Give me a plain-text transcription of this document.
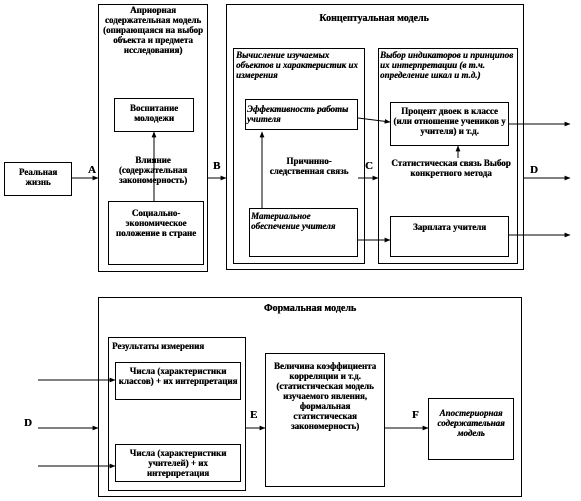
Реальная жизнь
Априорная содержательная модель (опирающаяся на выбор объекта и предмета исследования)
Воспитание молодежи
Влияние (содержательная закономерность)
Социально-экономическое положение в стране
Концептуальная модель
Вычисление изучаемых объектов и характеристик их измерения
Эффективность работы учителя
Причинно-следственная связь
Материальное обеспечение учителя
Выбор индикаторов и принципов их интерпретации (в т.ч. определение шкал и т.д.)
Процент двоек в классе (или отношение учеников у учителя) и т.д.
Статистическая связь Выбор конкретного метода
Зарплата учителя
Формальная модель
Результаты измерения
Числа (характеристики классов) + их интерпретация
Числа (характеристики учителей) + их интерпретация
Величина коэффициента корреляции и т.д. (статистическая модель изучаемого явления, формальная статистическая закономерность)
Апостериорная содержательная модель
A	B	C	D
D
E	F
